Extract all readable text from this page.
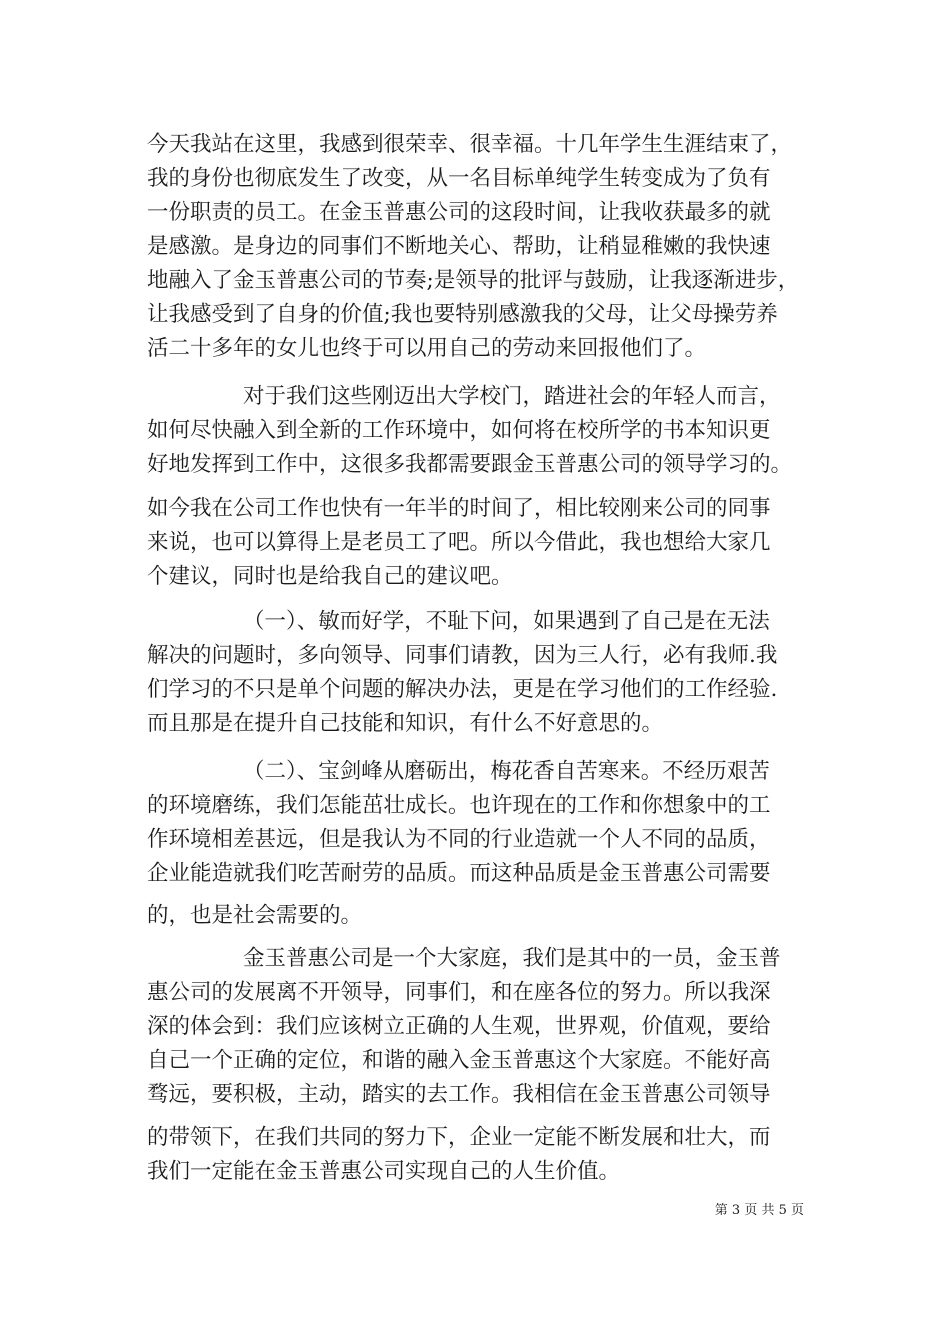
今天我站在这里，我感到很荣幸、很幸福。十几年学生生涯结束了，

我的身份也彻底发生了改变，从一名目标单纯学生转变成为了负有

一份职责的员工。在金玉普惠公司的这段时间，让我收获最多的就

是感激。是身边的同事们不断地关心、帮助，让稍显稚嫩的我快速

地融入了金玉普惠公司的节奏;是领导的批评与鼓励，让我逐渐进步，

让我感受到了自身的价值;我也要特别感激我的父母，让父母操劳养

活二十多年的女儿也终于可以用自己的劳动来回报他们了。

对于我们这些刚迈出大学校门，踏进社会的年轻人而言，

如何尽快融入到全新的工作环境中，如何将在校所学的书本知识更

好地发挥到工作中，这很多我都需要跟金玉普惠公司的领导学习的。

如今我在公司工作也快有一年半的时间了，相比较刚来公司的同事

来说，也可以算得上是老员工了吧。所以今借此，我也想给大家几

个建议，同时也是给我自己的建议吧。

（一）、敏而好学，不耻下问，如果遇到了自己是在无法

解决的问题时，多向领导、同事们请教，因为三人行，必有我师.我

们学习的不只是单个问题的解决办法，更是在学习他们的工作经验.

而且那是在提升自己技能和知识，有什么不好意思的。

（二）、宝剑峰从磨砺出，梅花香自苦寒来。不经历艰苦

的环境磨练，我们怎能茁壮成长。也许现在的工作和你想象中的工

作环境相差甚远，但是我认为不同的行业造就一个人不同的品质，

企业能造就我们吃苦耐劳的品质。而这种品质是金玉普惠公司需要

的，也是社会需要的。

金玉普惠公司是一个大家庭，我们是其中的一员，金玉普

惠公司的发展离不开领导，同事们，和在座各位的努力。所以我深

深的体会到：我们应该树立正确的人生观，世界观，价值观，要给

自己一个正确的定位，和谐的融入金玉普惠这个大家庭。不能好高

骛远，要积极，主动，踏实的去工作。我相信在金玉普惠公司领导

的带领下，在我们共同的努力下，企业一定能不断发展和壮大，而

我们一定能在金玉普惠公司实现自己的人生价值。

第 3 页 共 5 页
